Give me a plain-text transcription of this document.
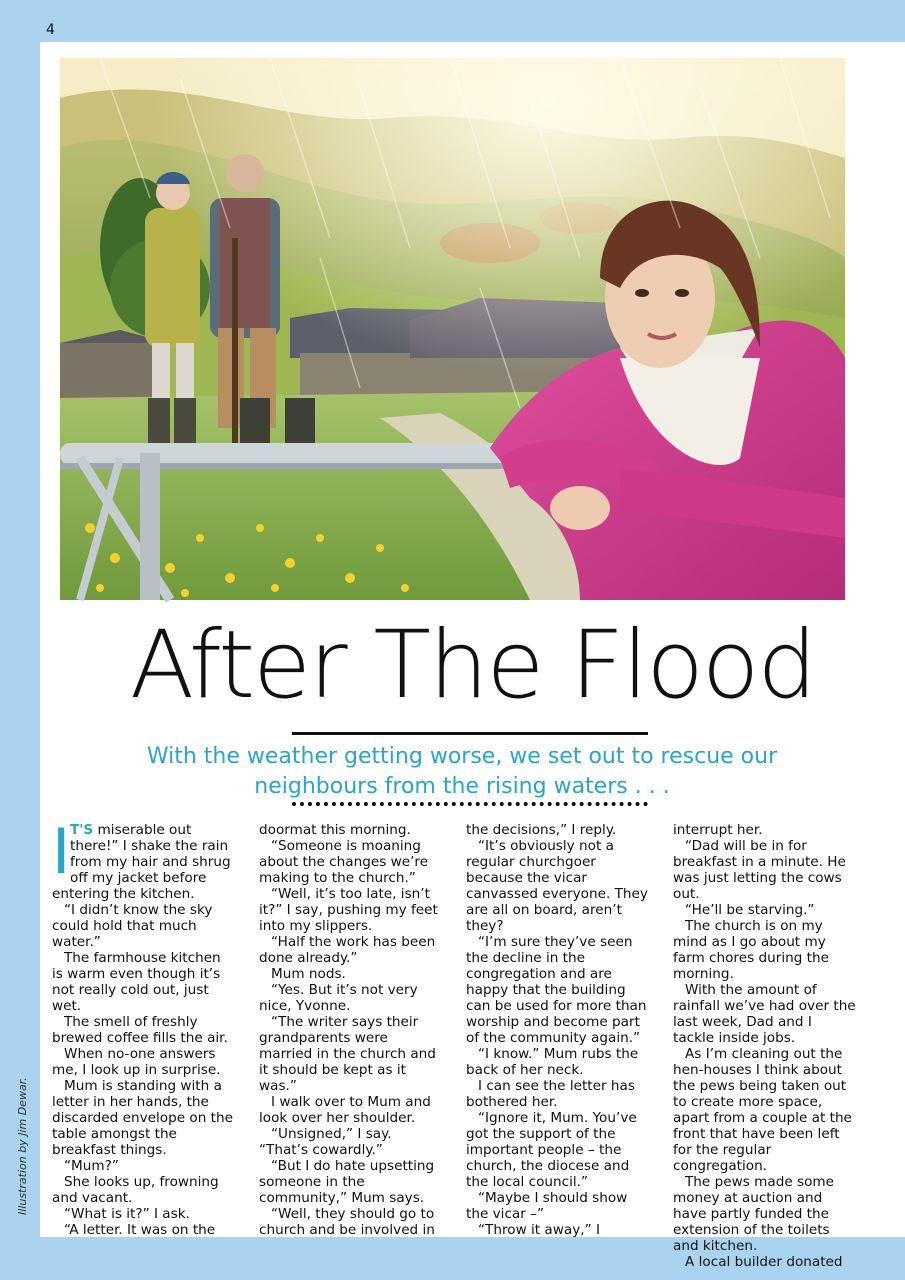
4
After The Flood
With the weather getting worse, we set out to rescue our neighbours from the rising waters . . .
Illustration by Jim Dewar.

I T'S miserable out there!” I shake the rain from my hair and shrug off my jacket before entering the kitchen.

“I didn’t know the sky could hold that much water.”

The farmhouse kitchen is warm even though it’s not really cold out, just wet.

The smell of freshly brewed coffee fills the air.

When no-one answers me, I look up in surprise.

Mum is standing with a letter in her hands, the discarded envelope on the table amongst the breakfast things.

“Mum?”

She looks up, frowning and vacant.

“What is it?” I ask.

“A letter. It was on the

doormat this morning.

“Someone is moaning about the changes we’re making to the church.”

“Well, it’s too late, isn’t it?” I say, pushing my feet into my slippers.

“Half the work has been done already.”

Mum nods.

“Yes. But it’s not very nice, Yvonne.

“The writer says their grandparents were married in the church and it should be kept as it was.”

I walk over to Mum and look over her shoulder.

“Unsigned,” I say. “That’s cowardly.”

“But I do hate upsetting someone in the community,” Mum says.

“Well, they should go to church and be involved in

the decisions,” I reply.

“It’s obviously not a regular churchgoer because the vicar canvassed everyone. They are all on board, aren’t they?

“I’m sure they’ve seen the decline in the congregation and are happy that the building can be used for more than worship and become part of the community again.”

“I know.” Mum rubs the back of her neck.

I can see the letter has bothered her.

“Ignore it, Mum. You’ve got the support of the important people – the church, the diocese and the local council.”

“Maybe I should show the vicar –”

“Throw it away,” I

interrupt her.

“Dad will be in for breakfast in a minute. He was just letting the cows out.

“He’ll be starving.”

The church is on my mind as I go about my farm chores during the morning.

With the amount of rainfall we’ve had over the last week, Dad and I tackle inside jobs.

As I’m cleaning out the hen-houses I think about the pews being taken out to create more space, apart from a couple at the front that have been left for the regular congregation.

The pews made some money at auction and have partly funded the extension of the toilets and kitchen.

A local builder donated
